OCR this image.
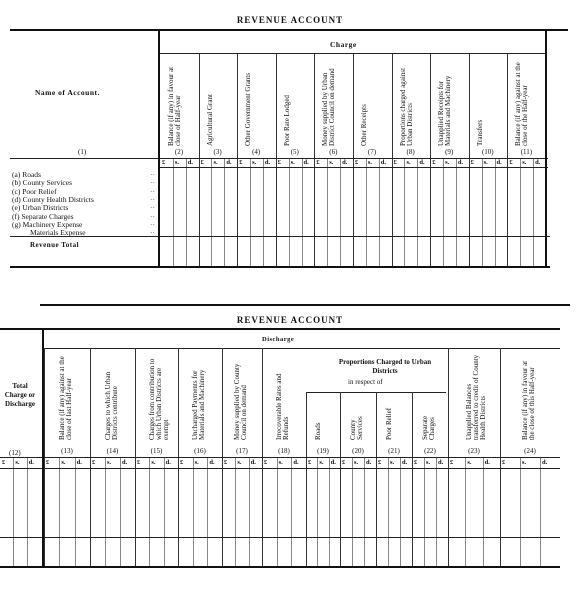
REVENUE ACCOUNT
Charge
Name of Account.
(1)
Balance (if any) in favour at close of Half-year
(2)
£ s. d.
Agricultural Grant
(3)
£ s. d.
Other Government Grants
(4)
£ s. d.
Poor Rate Lodged
(5)
£ s. d.
Money supplied by Urban District Council on demand
(6)
£ s. d.
Other Receipts
(7)
£ s. d.
Proportions charged against Urban Districts
(8)
£ s. d.
Unapplied Receipts for Materials and Machinery
(9)
£ s. d.
Transfers
(10)
£ s. d.
Balance (if any) against at the close of the Half-year
(11)
£ s. d.
(a) Roads	··
(b) County Services	··
(c) Poor Relief	··
(d) County Health Districts	··
(e) Urban Districts	··
(f) Separate Charges	··
(g) Machinery Expense	··
Materials Expense	··
Revenue Total
REVENUE ACCOUNT
Discharge
Total Charge or Discharge
(12)
Proportions Charged to Urban Districts
in respect of
Balance (if any) against at the close of last Half-year
(13)
£ s. d.
Charges to which Urban Districts contribute
(14)
£ s. d.
Charges from contribution to which Urban Districts are exempt
(15)
£ s. d.
Uncharged Payments for Materials and Machinery
(16)
£ s. d.
Money supplied by County Council on demand
(17)
£ s. d.
Irrecoverable Rates and Refunds
(18)
£ s. d.
Roads
(19)
£ s. d.
County Services
(20)
£ s. d.
Poor Relief
(21)
£ s. d.
Separate Charges
(22)
£ s. d.
Unapplied Balances transferred to credit of County Health Districts
(23)
£ s. d.
Balance (if any) in favour at the close of this Half-year
(24)
£	s. d.
£ s. d.
